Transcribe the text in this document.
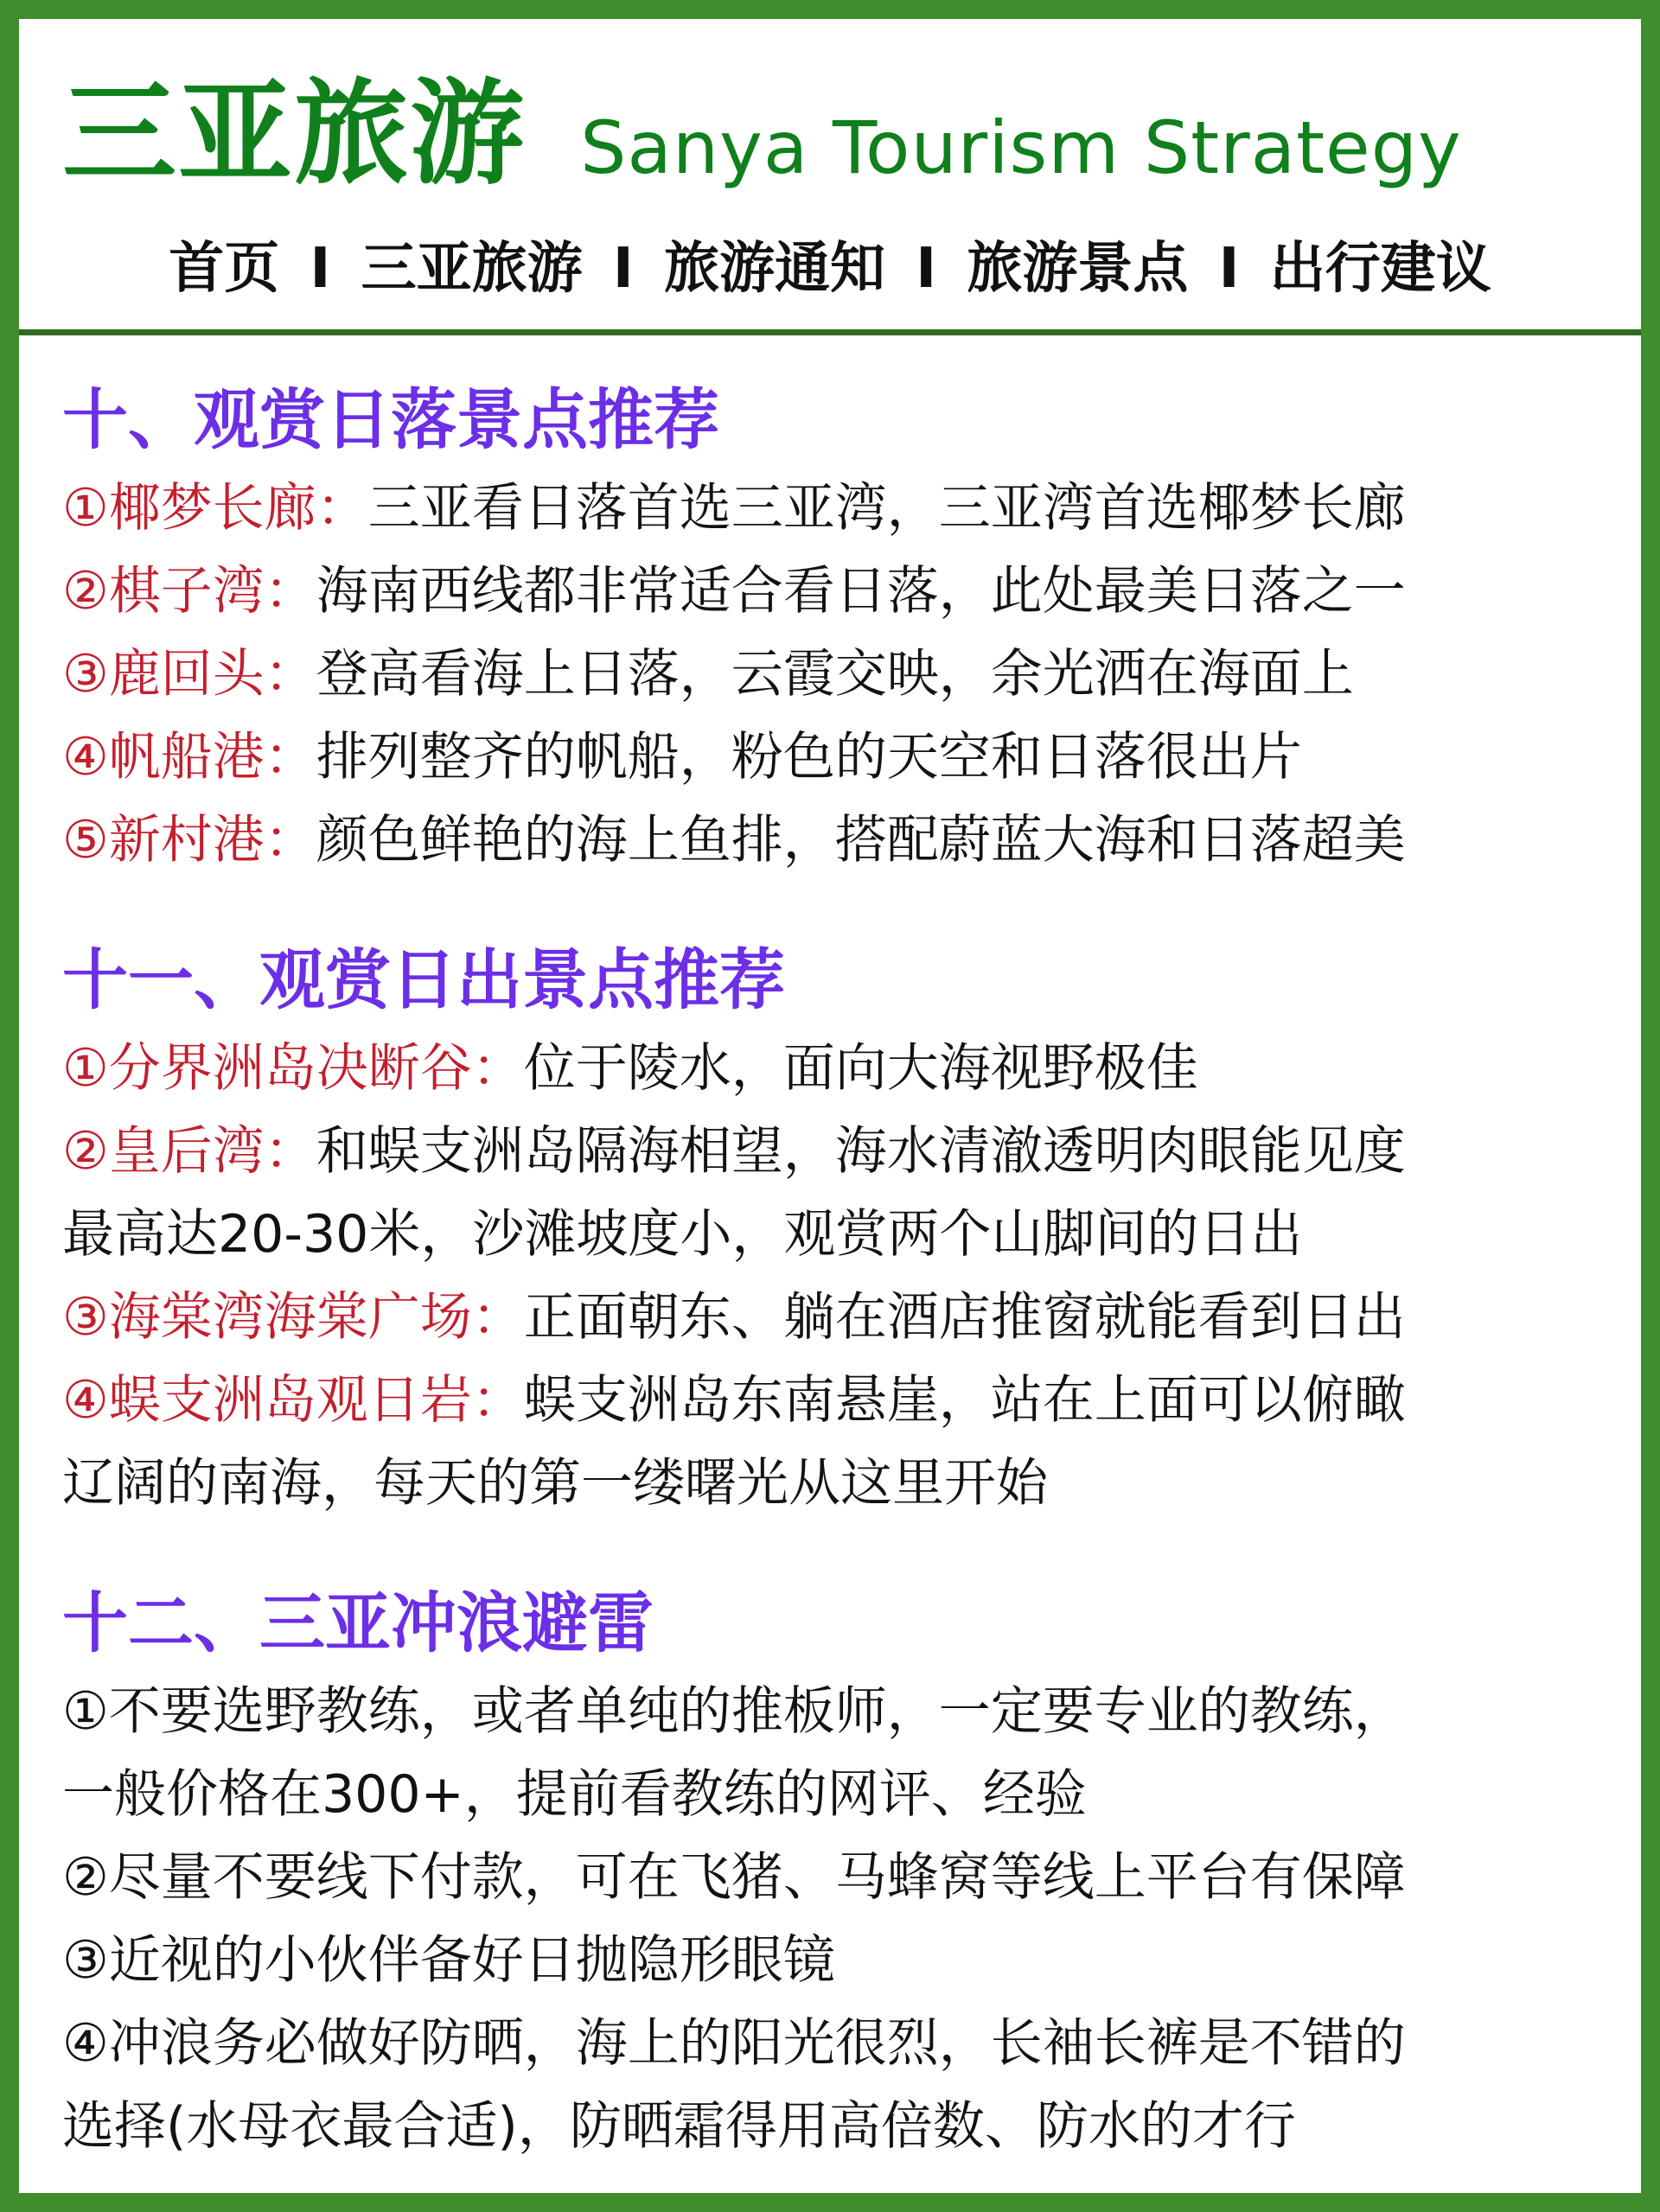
三亚旅游 Sanya Tourism Strategy
首页 I 三亚旅游 I 旅游通知 I 旅游景点 I 出行建议
十、观赏日落景点推荐
①椰梦长廊：三亚看日落首选三亚湾，三亚湾首选椰梦长廊
②棋子湾：海南西线都非常适合看日落，此处最美日落之一
③鹿回头：登高看海上日落，云霞交映，余光洒在海面上
④帆船港：排列整齐的帆船，粉色的天空和日落很出片
⑤新村港：颜色鲜艳的海上鱼排，搭配蔚蓝大海和日落超美
十一、观赏日出景点推荐
①分界洲岛决断谷：位于陵水，面向大海视野极佳
②皇后湾：和蜈支洲岛隔海相望，海水清澈透明肉眼能见度
最高达20-30米，沙滩坡度小，观赏两个山脚间的日出
③海棠湾海棠广场：正面朝东、躺在酒店推窗就能看到日出
④蜈支洲岛观日岩：蜈支洲岛东南悬崖，站在上面可以俯瞰
辽阔的南海，每天的第一缕曙光从这里开始
十二、三亚冲浪避雷
①不要选野教练，或者单纯的推板师，一定要专业的教练，
一般价格在300+，提前看教练的网评、经验
②尽量不要线下付款，可在飞猪、马蜂窝等线上平台有保障
③近视的小伙伴备好日抛隐形眼镜
④冲浪务必做好防晒，海上的阳光很烈，长袖长裤是不错的
选择(水母衣最合适)，防晒霜得用高倍数、防水的才行
